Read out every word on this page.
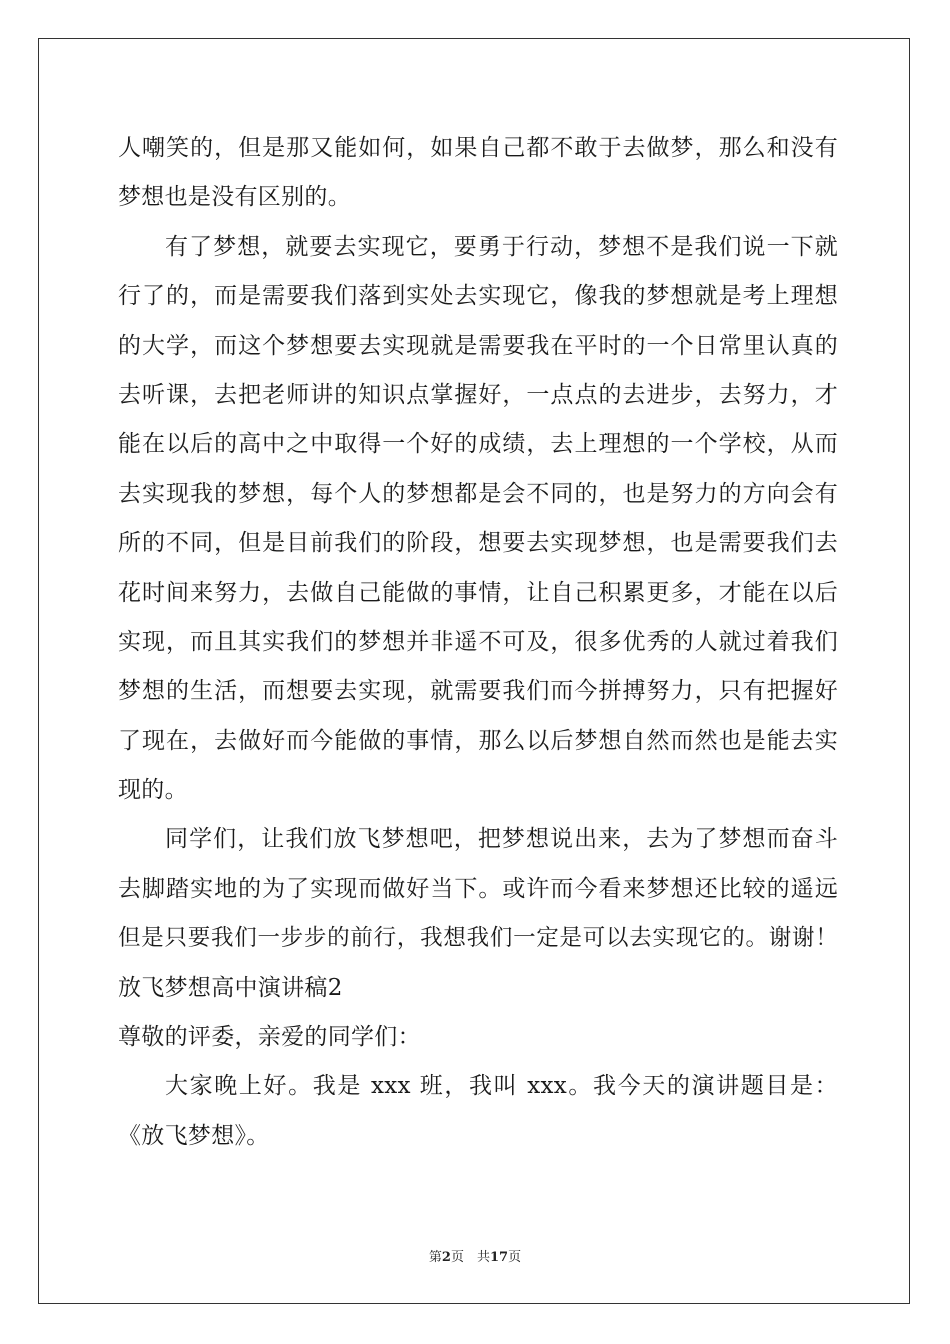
人嘲笑的，但是那又能如何，如果自己都不敢于去做梦，那么和没有
梦想也是没有区别的。
有了梦想，就要去实现它，要勇于行动，梦想不是我们说一下就
行了的，而是需要我们落到实处去实现它，像我的梦想就是考上理想
的大学，而这个梦想要去实现就是需要我在平时的一个日常里认真的
去听课，去把老师讲的知识点掌握好，一点点的去进步，去努力，才
能在以后的高中之中取得一个好的成绩，去上理想的一个学校，从而
去实现我的梦想，每个人的梦想都是会不同的，也是努力的方向会有
所的不同，但是目前我们的阶段，想要去实现梦想，也是需要我们去
花时间来努力，去做自己能做的事情，让自己积累更多，才能在以后
实现，而且其实我们的梦想并非遥不可及，很多优秀的人就过着我们
梦想的生活，而想要去实现，就需要我们而今拼搏努力，只有把握好
了现在，去做好而今能做的事情，那么以后梦想自然而然也是能去实
现的。
同学们，让我们放飞梦想吧，把梦想说出来，去为了梦想而奋斗
去脚踏实地的为了实现而做好当下。或许而今看来梦想还比较的遥远
但是只要我们一步步的前行，我想我们一定是可以去实现它的。谢谢！
放飞梦想高中演讲稿2
尊敬的评委，亲爱的同学们：
大家晚上好。我是 xxx 班，我叫 xxx。我今天的演讲题目是：
《放飞梦想》。
第2页　共17页
